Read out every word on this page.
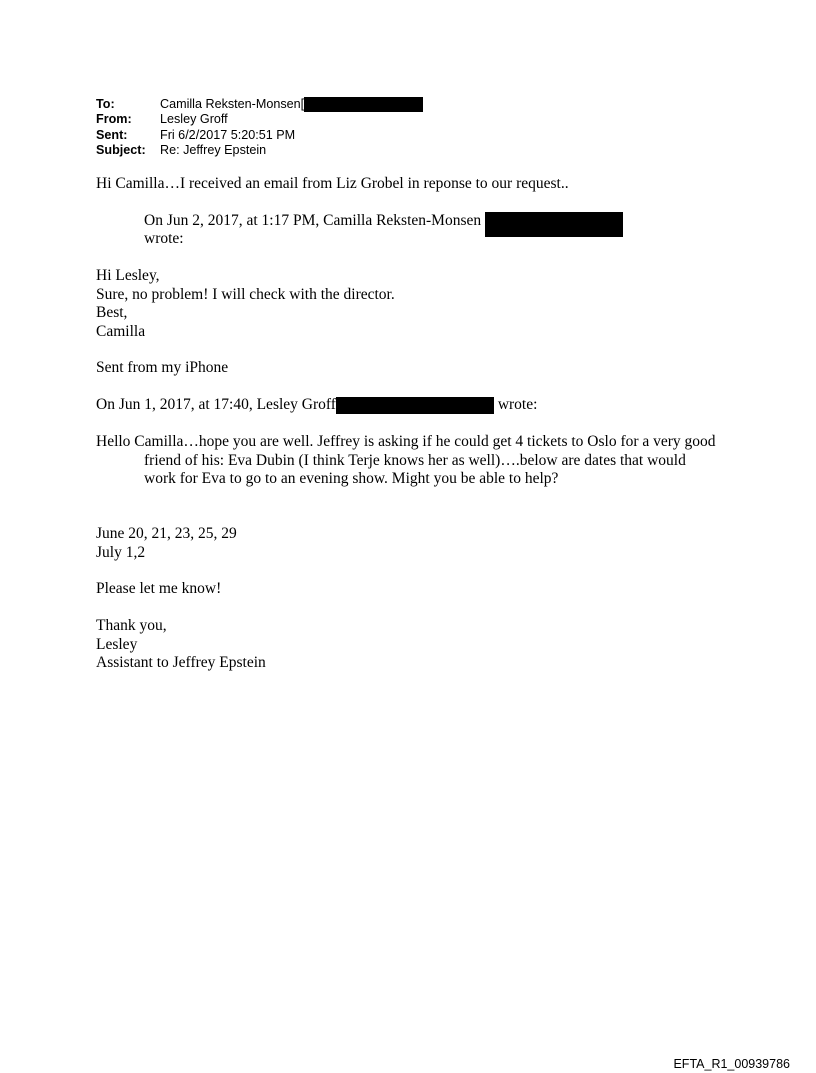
To:	Camilla Reksten-Monsen[
From:	Lesley Groff
Sent:	Fri 6/2/2017 5:20:51 PM
Subject:	Re: Jeffrey Epstein
Hi Camilla…I received an email from Liz Grobel in reponse to our request..
On Jun 2, 2017, at 1:17 PM, Camilla Reksten-Monsen
wrote:
Hi Lesley,
Sure, no problem! I will check with the director.
Best,
Camilla
Sent from my iPhone
On Jun 1, 2017, at 17:40, Lesley Groff	wrote:
Hello Camilla…hope you are well. Jeffrey is asking if he could get 4 tickets to Oslo for a very good friend of his: Eva Dubin (I think Terje knows her as well)….below are dates that would work for Eva to go to an evening show. Might you be able to help?
June 20, 21, 23, 25, 29
July 1,2
Please let me know!
Thank you,
Lesley
Assistant to Jeffrey Epstein
EFTA_R1_00939786
